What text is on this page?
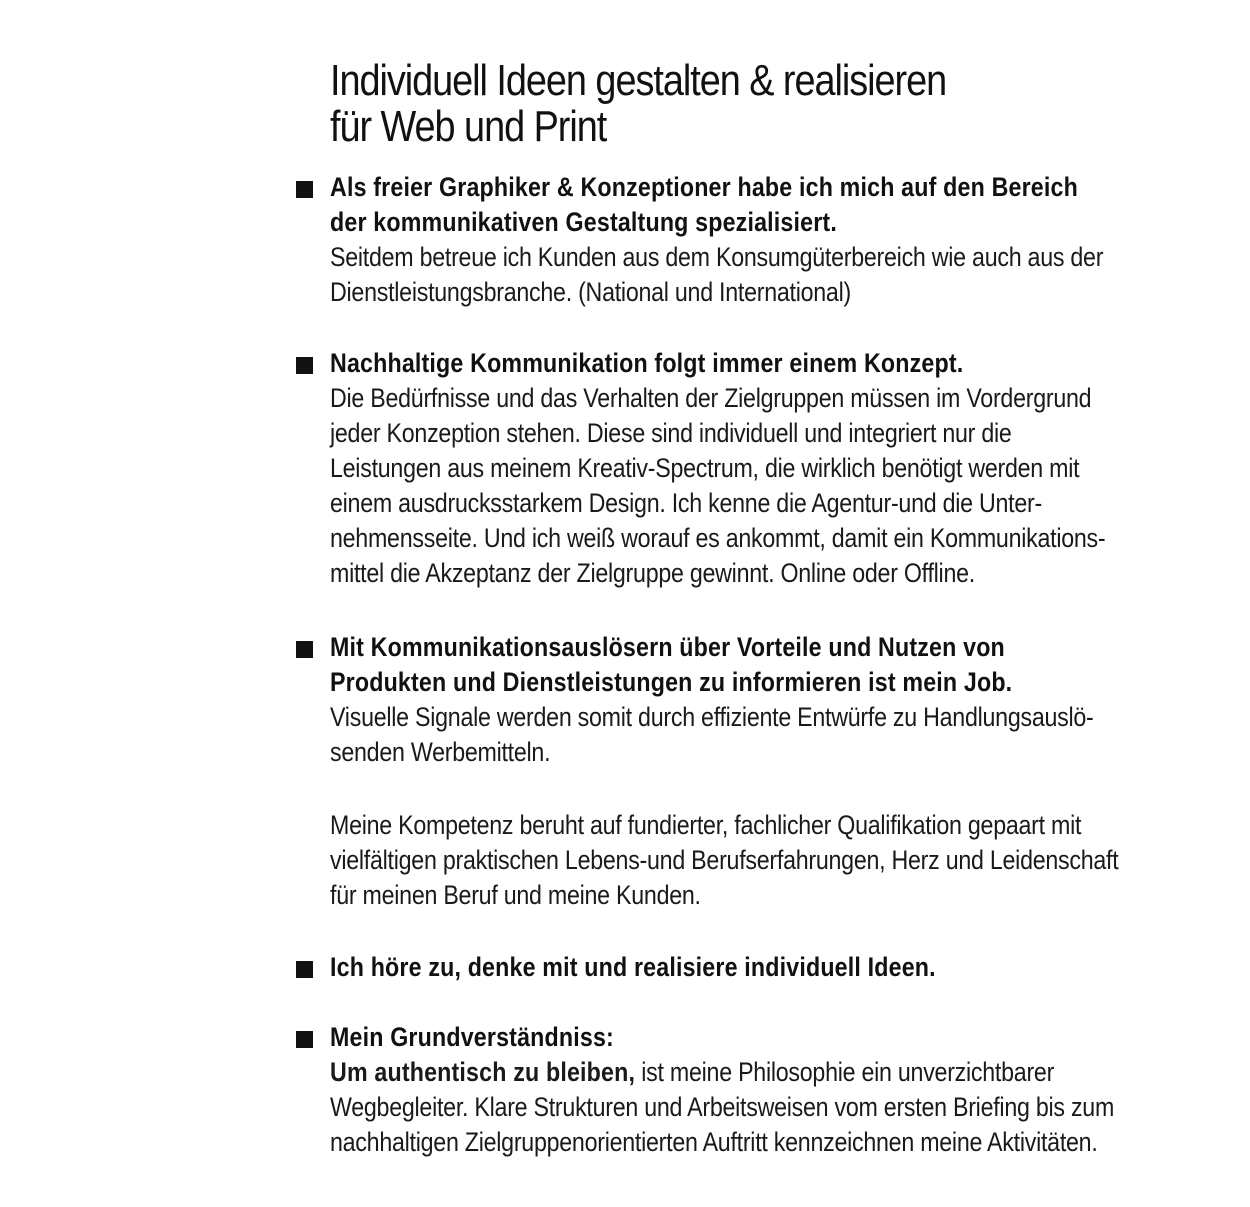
Individuell Ideen gestalten & realisieren
für Web und Print
Als freier Graphiker & Konzeptioner habe ich mich auf den Bereich
der kommunikativen Gestaltung spezialisiert.
Seitdem betreue ich Kunden aus dem Konsumgüterbereich wie auch aus der
Dienstleistungsbranche. (National und International)
Nachhaltige Kommunikation folgt immer einem Konzept.
Die Bedürfnisse und das Verhalten der Zielgruppen müssen im Vordergrund
jeder Konzeption stehen. Diese sind individuell und integriert nur die
Leistungen aus meinem Kreativ-Spectrum, die wirklich benötigt werden mit
einem ausdrucksstarkem Design. Ich kenne die Agentur-und die Unter-
nehmensseite. Und ich weiß worauf es ankommt, damit ein Kommunikations-
mittel die Akzeptanz der Zielgruppe gewinnt. Online oder Offline.
Mit Kommunikationsauslösern über Vorteile und Nutzen von
Produkten und Dienstleistungen zu informieren ist mein Job.
Visuelle Signale werden somit durch effiziente Entwürfe zu Handlungsauslö-
senden Werbemitteln.
Meine Kompetenz beruht auf fundierter, fachlicher Qualifikation gepaart mit
vielfältigen praktischen Lebens-und Berufserfahrungen, Herz und Leidenschaft
für meinen Beruf und meine Kunden.
Ich höre zu, denke mit und realisiere individuell Ideen.
Mein Grundverständniss:
Um authentisch zu bleiben, ist meine Philosophie ein unverzichtbarer
Wegbegleiter. Klare Strukturen und Arbeitsweisen vom ersten Briefing bis zum
nachhaltigen Zielgruppenorientierten Auftritt kennzeichnen meine Aktivitäten.
